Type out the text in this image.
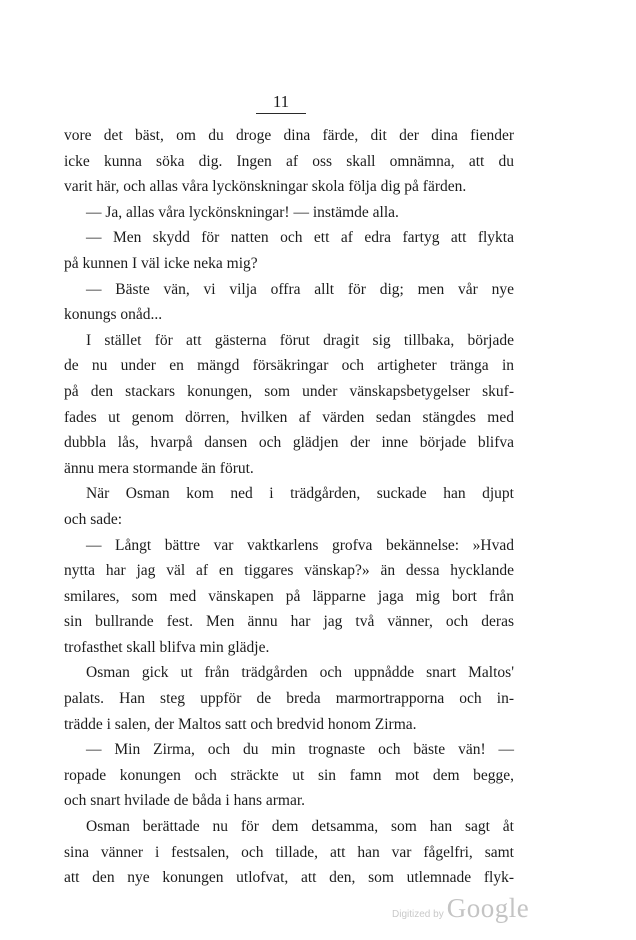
11
vore det bäst, om du droge dina färde, dit der dina fiender
icke kunna söka dig. Ingen af oss skall omnämna, att du
varit här, och allas våra lyckönskningar skola följa dig på färden.
— Ja, allas våra lyckönskningar! — instämde alla.
— Men skydd för natten och ett af edra fartyg att flykta
på kunnen I väl icke neka mig?
— Bäste vän, vi vilja offra allt för dig; men vår nye
konungs onåd...
I stället för att gästerna förut dragit sig tillbaka, började
de nu under en mängd försäkringar och artigheter tränga in
på den stackars konungen, som under vänskapsbetygelser skuf-
fades ut genom dörren, hvilken af värden sedan stängdes med
dubbla lås, hvarpå dansen och glädjen der inne började blifva
ännu mera stormande än förut.
När Osman kom ned i trädgården, suckade han djupt
och sade:
— Långt bättre var vaktkarlens grofva bekännelse: »Hvad
nytta har jag väl af en tiggares vänskap?» än dessa hycklande
smilares, som med vänskapen på läpparne jaga mig bort från
sin bullrande fest. Men ännu har jag två vänner, och deras
trofasthet skall blifva min glädje.
Osman gick ut från trädgården och uppnådde snart Maltos'
palats. Han steg uppför de breda marmortrapporna och in-
trädde i salen, der Maltos satt och bredvid honom Zirma.
— Min Zirma, och du min trognaste och bäste vän! —
ropade konungen och sträckte ut sin famn mot dem begge,
och snart hvilade de båda i hans armar.
Osman berättade nu för dem detsamma, som han sagt åt
sina vänner i festsalen, och tillade, att han var fågelfri, samt
att den nye konungen utlofvat, att den, som utlemnade flyk-
Digitized by Google
